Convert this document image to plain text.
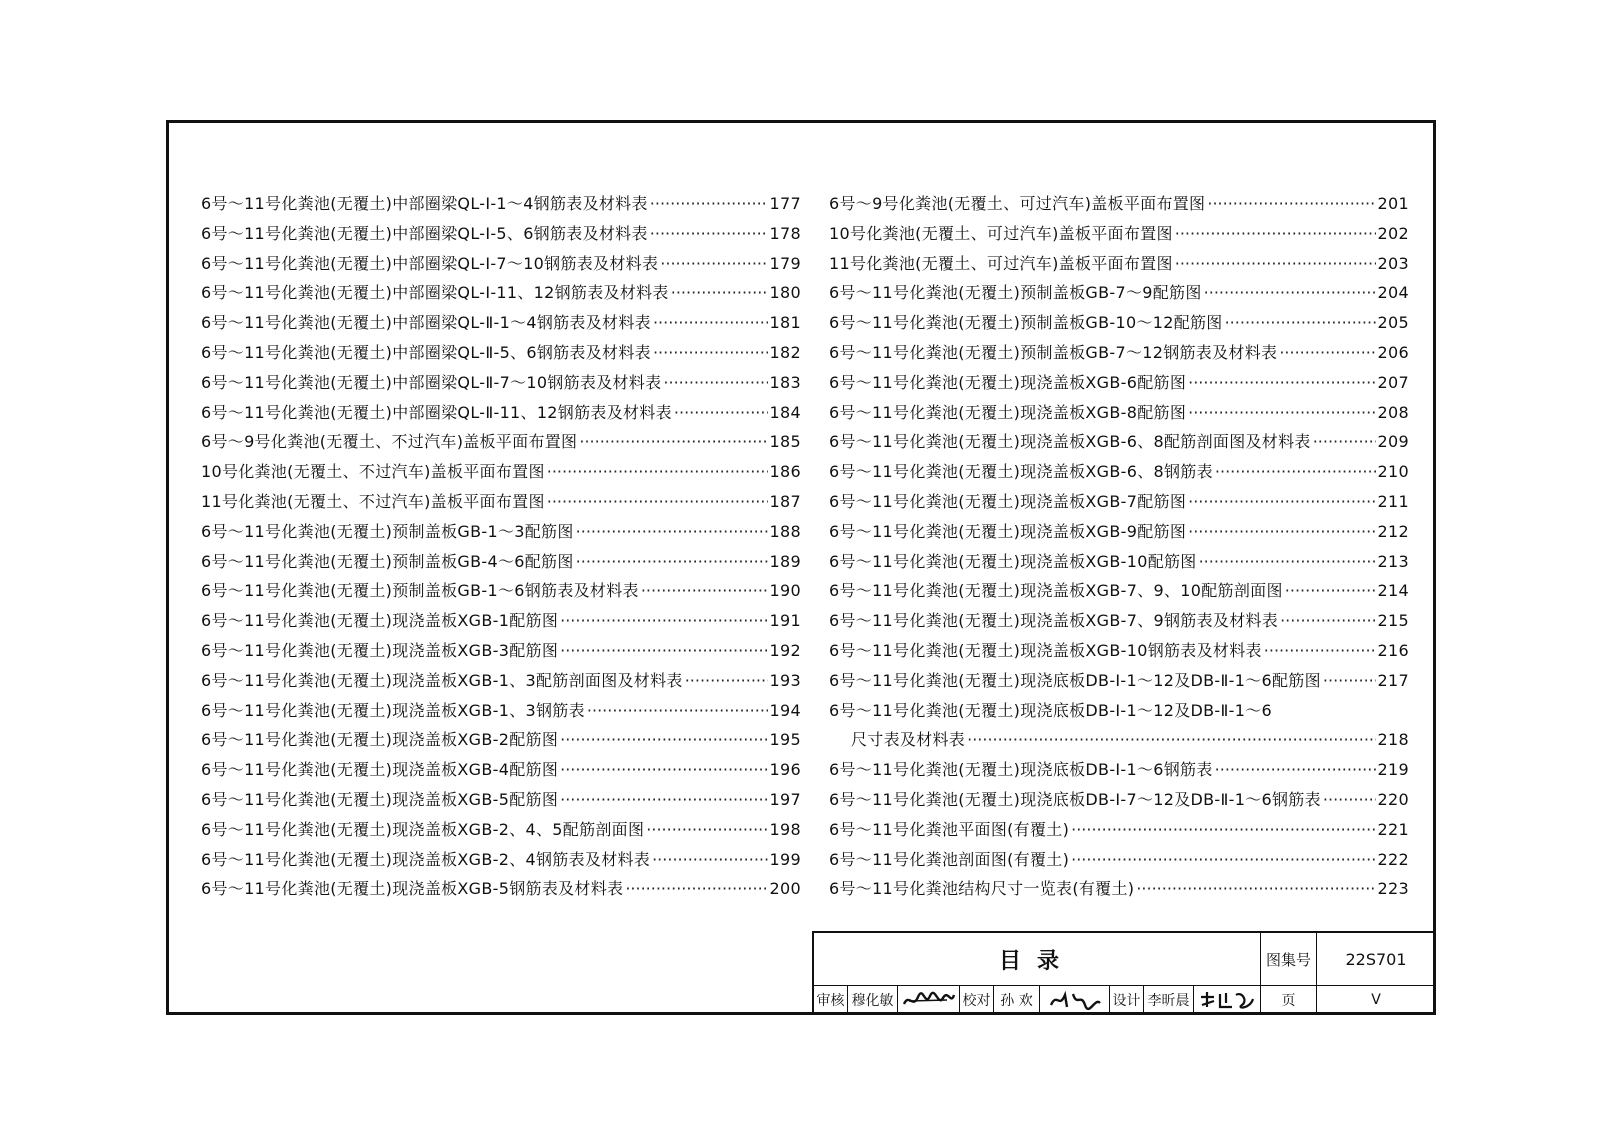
6号～11号化粪池(无覆土)中部圈梁QL-Ⅰ-1～4钢筋表及材料表 ·····	177
6号～11号化粪池(无覆土)中部圈梁QL-Ⅰ-5、6钢筋表及材料表 ·····	178
6号～11号化粪池(无覆土)中部圈梁QL-Ⅰ-7～10钢筋表及材料表 ·····	179
6号～11号化粪池(无覆土)中部圈梁QL-Ⅰ-11、12钢筋表及材料表 ·····	180
6号～11号化粪池(无覆土)中部圈梁QL-Ⅱ-1～4钢筋表及材料表 ·····	181
6号～11号化粪池(无覆土)中部圈梁QL-Ⅱ-5、6钢筋表及材料表 ·····	182
6号～11号化粪池(无覆土)中部圈梁QL-Ⅱ-7～10钢筋表及材料表 ·····	183
6号～11号化粪池(无覆土)中部圈梁QL-Ⅱ-11、12钢筋表及材料表 ·····	184
6号～9号化粪池(无覆土、不过汽车)盖板平面布置图 ·····	185
10号化粪池(无覆土、不过汽车)盖板平面布置图 ·····	186
11号化粪池(无覆土、不过汽车)盖板平面布置图 ·····	187
6号～11号化粪池(无覆土)预制盖板GB-1～3配筋图 ·····	188
6号～11号化粪池(无覆土)预制盖板GB-4～6配筋图 ·····	189
6号～11号化粪池(无覆土)预制盖板GB-1～6钢筋表及材料表 ·····	190
6号～11号化粪池(无覆土)现浇盖板XGB-1配筋图 ·····	191
6号～11号化粪池(无覆土)现浇盖板XGB-3配筋图 ·····	192
6号～11号化粪池(无覆土)现浇盖板XGB-1、3配筋剖面图及材料表 ·····	193
6号～11号化粪池(无覆土)现浇盖板XGB-1、3钢筋表 ·····	194
6号～11号化粪池(无覆土)现浇盖板XGB-2配筋图 ·····	195
6号～11号化粪池(无覆土)现浇盖板XGB-4配筋图 ·····	196
6号～11号化粪池(无覆土)现浇盖板XGB-5配筋图 ·····	197
6号～11号化粪池(无覆土)现浇盖板XGB-2、4、5配筋剖面图 ·····	198
6号～11号化粪池(无覆土)现浇盖板XGB-2、4钢筋表及材料表 ·····	199
6号～11号化粪池(无覆土)现浇盖板XGB-5钢筋表及材料表 ·····	200
6号～9号化粪池(无覆土、可过汽车)盖板平面布置图 ·····	201
10号化粪池(无覆土、可过汽车)盖板平面布置图 ·····	202
11号化粪池(无覆土、可过汽车)盖板平面布置图 ·····	203
6号～11号化粪池(无覆土)预制盖板GB-7～9配筋图 ·····	204
6号～11号化粪池(无覆土)预制盖板GB-10～12配筋图 ·····	205
6号～11号化粪池(无覆土)预制盖板GB-7～12钢筋表及材料表 ·····	206
6号～11号化粪池(无覆土)现浇盖板XGB-6配筋图 ·····	207
6号～11号化粪池(无覆土)现浇盖板XGB-8配筋图 ·····	208
6号～11号化粪池(无覆土)现浇盖板XGB-6、8配筋剖面图及材料表 ·····	209
6号～11号化粪池(无覆土)现浇盖板XGB-6、8钢筋表 ·····	210
6号～11号化粪池(无覆土)现浇盖板XGB-7配筋图 ·····	211
6号～11号化粪池(无覆土)现浇盖板XGB-9配筋图 ·····	212
6号～11号化粪池(无覆土)现浇盖板XGB-10配筋图 ·····	213
6号～11号化粪池(无覆土)现浇盖板XGB-7、9、10配筋剖面图 ·····	214
6号～11号化粪池(无覆土)现浇盖板XGB-7、9钢筋表及材料表 ·····	215
6号～11号化粪池(无覆土)现浇盖板XGB-10钢筋表及材料表 ·····	216
6号～11号化粪池(无覆土)现浇底板DB-Ⅰ-1～12及DB-Ⅱ-1～6配筋图 ·····	217
6号～11号化粪池(无覆土)现浇底板DB-Ⅰ-1～12及DB-Ⅱ-1～6
尺寸表及材料表 ·····	218
6号～11号化粪池(无覆土)现浇底板DB-Ⅰ-1～6钢筋表 ·····	219
6号～11号化粪池(无覆土)现浇底板DB-Ⅰ-7～12及DB-Ⅱ-1～6钢筋表 ·····	220
6号～11号化粪池平面图(有覆土) ·····	221
6号～11号化粪池剖面图(有覆土) ·····	222
6号～11号化粪池结构尺寸一览表(有覆土) ·····	223
目录	图集号	22S701
审核 穆化敏	校对 孙 欢	设计 李昕晨	页	V
